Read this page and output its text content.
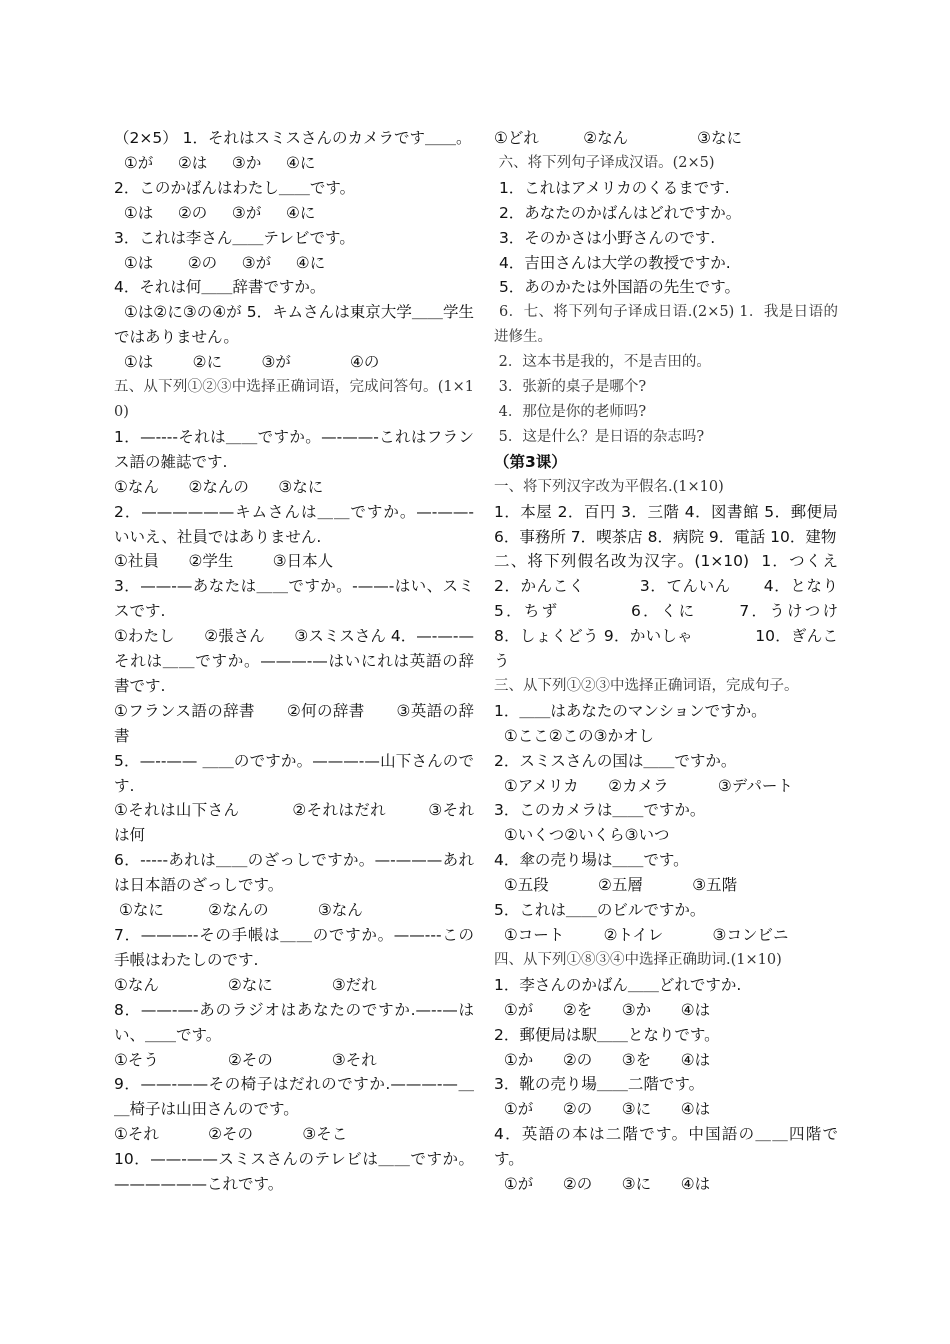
（2×5） 1．それはスミスさんのカメラです＿＿。

①が     ②は     ③か     ④に

2．このかばんはわたし＿＿です。

①は     ②の     ③が     ④に

3．これは李さん＿＿テレビです。

①は       ②の     ③が     ④に

4．それは何＿＿辞書ですか。

①は②に③の④が 5．キムさんは東京大学＿＿学生ではありません。

①は        ②に        ③が            ④の

五、从下列①②③中选择正确词语，完成问答句。(1×10)

1．—----それは＿＿ですか。—-——-これはフランス語の雑誌です.

①なん      ②なんの      ③なに

2．——————キムさんは＿＿ですか。—-——-いいえ、社員ではありません.

①社員      ②学生        ③日本人

3．——-—あなたは＿＿ですか。-——-はい、スミスです.

①わたし      ②張さん      ③スミスさん 4．—-—-—それは＿＿ですか。———-—はいにれは英語の辞書です.

①フランス語の辞書      ②何の辞書      ③英語の辞書

5．—--—— ＿＿のですか。———-—山下さんのです.

①それは山下さん          ②それはだれ        ③それは何

6．-----あれは＿＿のざっしですか。—-———あれは日本語のざっしです。

①なに         ②なんの          ③なん

7．———--その手帳は＿＿のですか。——---この手帳はわたしのです.

①なん              ②なに            ③だれ

8．——-—-あのラジオはあなたのですか.—--—はい、＿＿です。

①そう              ②その            ③それ

9．——-——その椅子はだれのですか.———-—＿＿椅子は山田さんのです。

①それ          ②その          ③そこ

10．——-——スミスさんのテレビは＿＿ですか。——————これです。

①どれ         ②なん              ③なに

六、将下列句子译成汉语。(2×5)

1．これはアメリカのくるまです.

2．あなたのかばんはどれですか。

3．そのかさは小野さんのです.

4．吉田さんは大学の教授ですか.

5．あのかたは外国語の先生です。

6．七、将下列句子译成日语.(2×5) 1．我是日语的进修生。

2．这本书是我的，不是吉田的。

3．张新的桌子是哪个?

4．那位是你的老师吗?

5．这是什么？是日语的杂志吗?

（第3课）

一、将下列汉字改为平假名.(1×10)

1．本屋 2．百円 3．三階 4．図書館 5．郵便局 6．事務所 7．喫茶店 8．病院 9．電話 10．建物

二、将下列假名改为汉字。(1×10)  1．つくえ          2．かんこく          3．てんいん      4．となり            5．ちず          6．くに      7．うけつけ          8．しょくどう 9．かいしゃ            10．ぎんこう

三、从下列①②③中选择正确词语，完成句子。

1．＿＿はあなたのマンションですか。

①ここ②この③かオし

2．スミスさんの国は＿＿ですか。

①アメリカ      ②カメラ          ③デパート

3．このカメラは＿＿ですか。

①いくつ②いくら③いつ

4．傘の売り場は＿＿です。

①五段          ②五層          ③五階

5．これは＿＿のビルですか。

①コート        ②トイレ          ③コンビニ

四、从下列①⑧③④中选择正确助词.(1×10)

1．李さんのかばん＿＿どれですか.

①が      ②を      ③か      ④は

2．郵便局は駅＿＿となりです。

①か      ②の      ③を      ④は

3．靴の売り場＿＿二階です。

①が      ②の      ③に      ④は

4．英語の本は二階です。中国語の＿＿四階です。

①が      ②の      ③に      ④は
